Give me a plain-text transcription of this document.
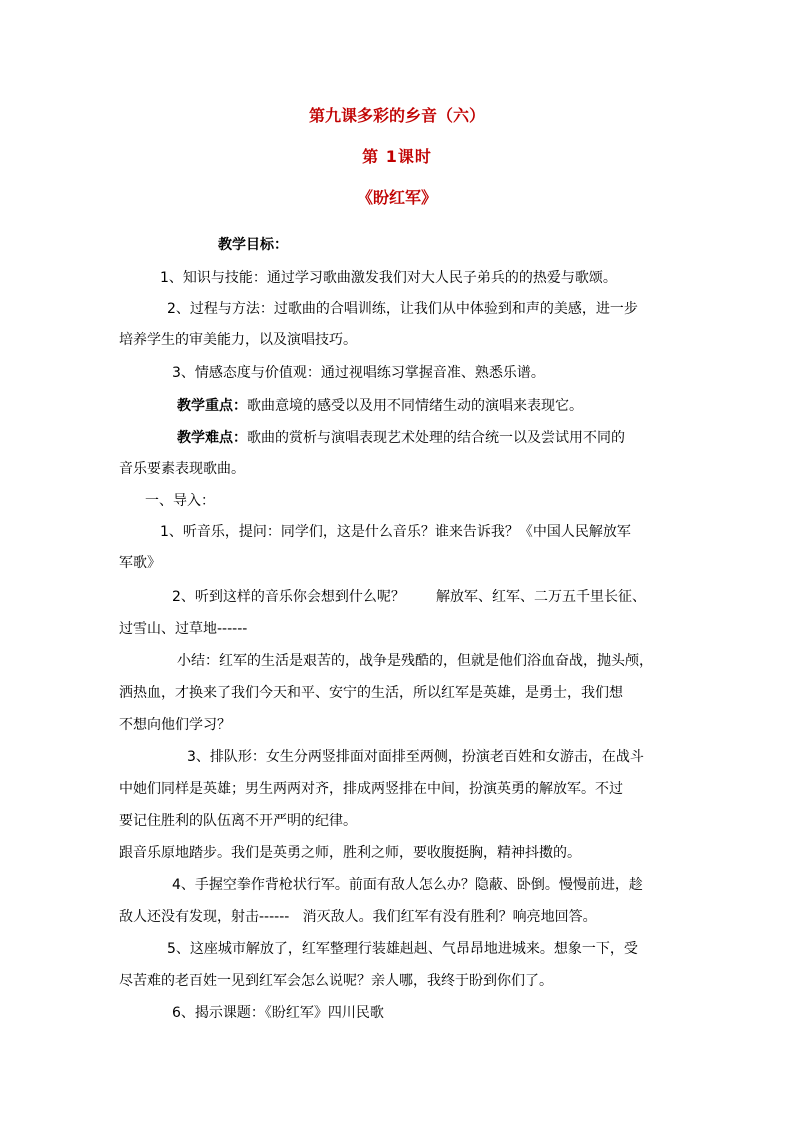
第九课多彩的乡音（六）
第 1课时
《盼红军》
教学目标：
1、知识与技能：通过学习歌曲激发我们对大人民子弟兵的的热爱与歌颂。
2、过程与方法：过歌曲的合唱训练，让我们从中体验到和声的美感，进一步
培养学生的审美能力，以及演唱技巧。
3、情感态度与价值观：通过视唱练习掌握音准、熟悉乐谱。
教学重点：歌曲意境的感受以及用不同情绪生动的演唱来表现它。
教学难点：歌曲的赏析与演唱表现艺术处理的结合统一以及尝试用不同的
音乐要素表现歌曲。
一、导入：
1、听音乐，提问：同学们，这是什么音乐？谁来告诉我？《中国人民解放军
军歌》
2、听到这样的音乐你会想到什么呢？       解放军、红军、二万五千里长征、
过雪山、过草地------
小结：红军的生活是艰苦的，战争是残酷的，但就是他们浴血奋战，抛头颅，
洒热血，才换来了我们今天和平、安宁的生活，所以红军是英雄，是勇士，我们想
不想向他们学习？
3、排队形：女生分两竖排面对面排至两侧，扮演老百姓和女游击，在战斗
中她们同样是英雄；男生两两对齐，排成两竖排在中间，扮演英勇的解放军。不过
要记住胜利的队伍离不开严明的纪律。
跟音乐原地踏步。我们是英勇之师，胜利之师，要收腹挺胸，精神抖擞的。
4、手握空拳作背枪状行军。前面有敌人怎么办？隐蔽、卧倒。慢慢前进，趁
敌人还没有发现，射击------   消灭敌人。我们红军有没有胜利？响亮地回答。
5、这座城市解放了，红军整理行装雄赳赳、气昂昂地进城来。想象一下，受
尽苦难的老百姓一见到红军会怎么说呢？亲人哪，我终于盼到你们了。
6、揭示课题：《盼红军》四川民歌
